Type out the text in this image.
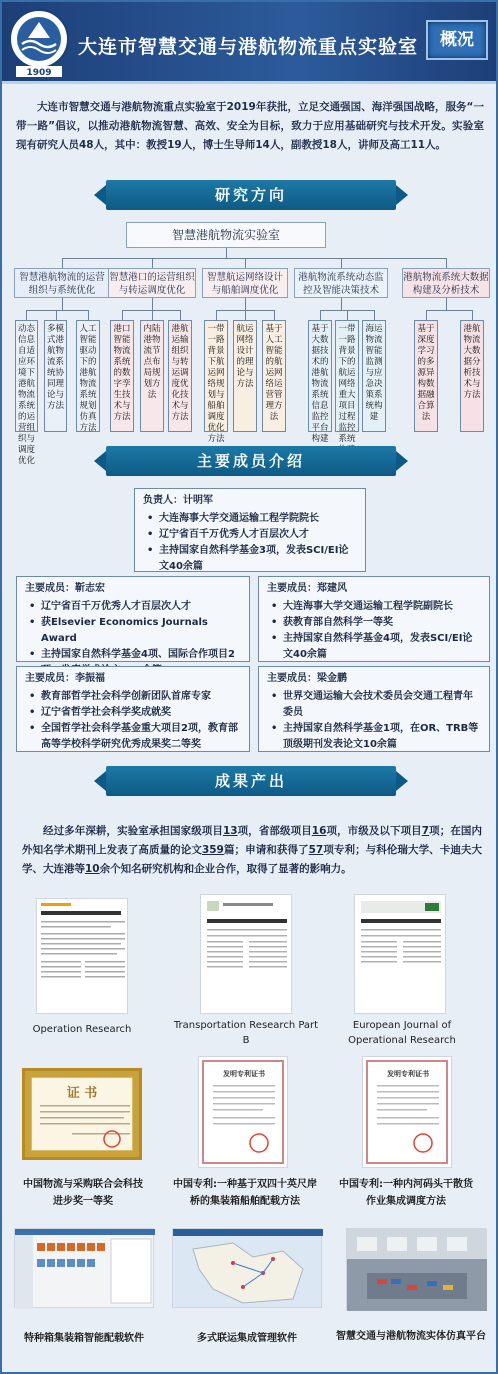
1909
大连市智慧交通与港航物流重点实验室	概况
大连市智慧交通与港航物流重点实验室于2019年获批，立足交通强国、海洋强国战略，服务“一带一路”倡议，以推动港航物流智慧、高效、安全为目标，致力于应用基础研究与技术开发。实验室现有研究人员48人，其中：教授19人，博士生导师14人，副教授18人，讲师及高工11人。
研究方向
智慧港航物流实验室
智慧港航物流的运营组织与系统优化
智慧港口的运营组织与转运调度优化
智慧航运网络设计与船舶调度优化
港航物流系统动态监控及智能决策技术
港航物流系统大数据构建及分析技术
动态信息自适应环境下港航物流系统的运营组织与调度优化
多模式港航物流系统协同理论与方法
人工智能驱动下的港航物流系统规划仿真方法
港口智能物流系统的数字孪生技术与方法
内陆港物流节点布局规划方法
港航运输组织与转运调度优化技术与方法
一带一路背景下航运网络规划与船舶调度优化方法
航运网络设计的理论与方法
基于人工智能的航运网络运营管理方法
基于大数据技术的港航物流系统信息监控平台构建
一带一路背景下的航运网络重大项目过程监控系统
海运物流智能监测与应急决策系统构建
基于深度学习的多源异构数据融合算法
港航物流大数据分析技术与方法
主要成员介绍
负责人：计明军
• 大连海事大学交通运输工程学院院长
• 辽宁省百千万优秀人才百层次人才
• 主持国家自然科学基金3项，发表SCI/EI论文40余篇
主要成员：靳志宏
• 辽宁省百千万优秀人才百层次人才
• 获Elsevier Economics Journals Award
• 主持国家自然科学基金4项、国际合作项目2
主要成员：郑建风
• 大连海事大学交通运输工程学院副院长
• 获教育部自然科学一等奖
• 主持国家自然科学基金4项，发表SCI/EI论文40余篇
主要成员：李振福
• 教育部哲学社会科学创新团队首席专家
• 辽宁省哲学社会科学奖成就奖
• 全国哲学社会科学基金重大项目2项，教育部高等学校科学研究优秀成果奖二等奖
主要成员：梁金鹏
• 世界交通运输大会技术委员会交通工程青年委员
• 主持国家自然科学基金1项，在OR、TRB等顶级期刊发表论文10余篇
成果产出
经过多年深耕，实验室承担国家级项目13项，省部级项目16项，市级及以下项目7项；在国内外知名学术期刊上发表了高质量的论文359篇；申请和获得了57项专利；与科伦瑞大学、卡迪夫大学、大连港等10余个知名研究机构和企业合作，取得了显著的影响力。
Operation Research	Transportation Research Part B
European Journal of Operational Research
证 书
发明专利证书	发明专利证书
中国物流与采购联合会科技进步奖一等奖
中国专利:一种基于双四十英尺岸桥的集装箱船舶配载方法
中国专利:一种内河码头干散货作业集成调度方法
特种箱集装箱智能配载软件	多式联运集成管理软件	智慧交通与港航物流实体仿真平台
